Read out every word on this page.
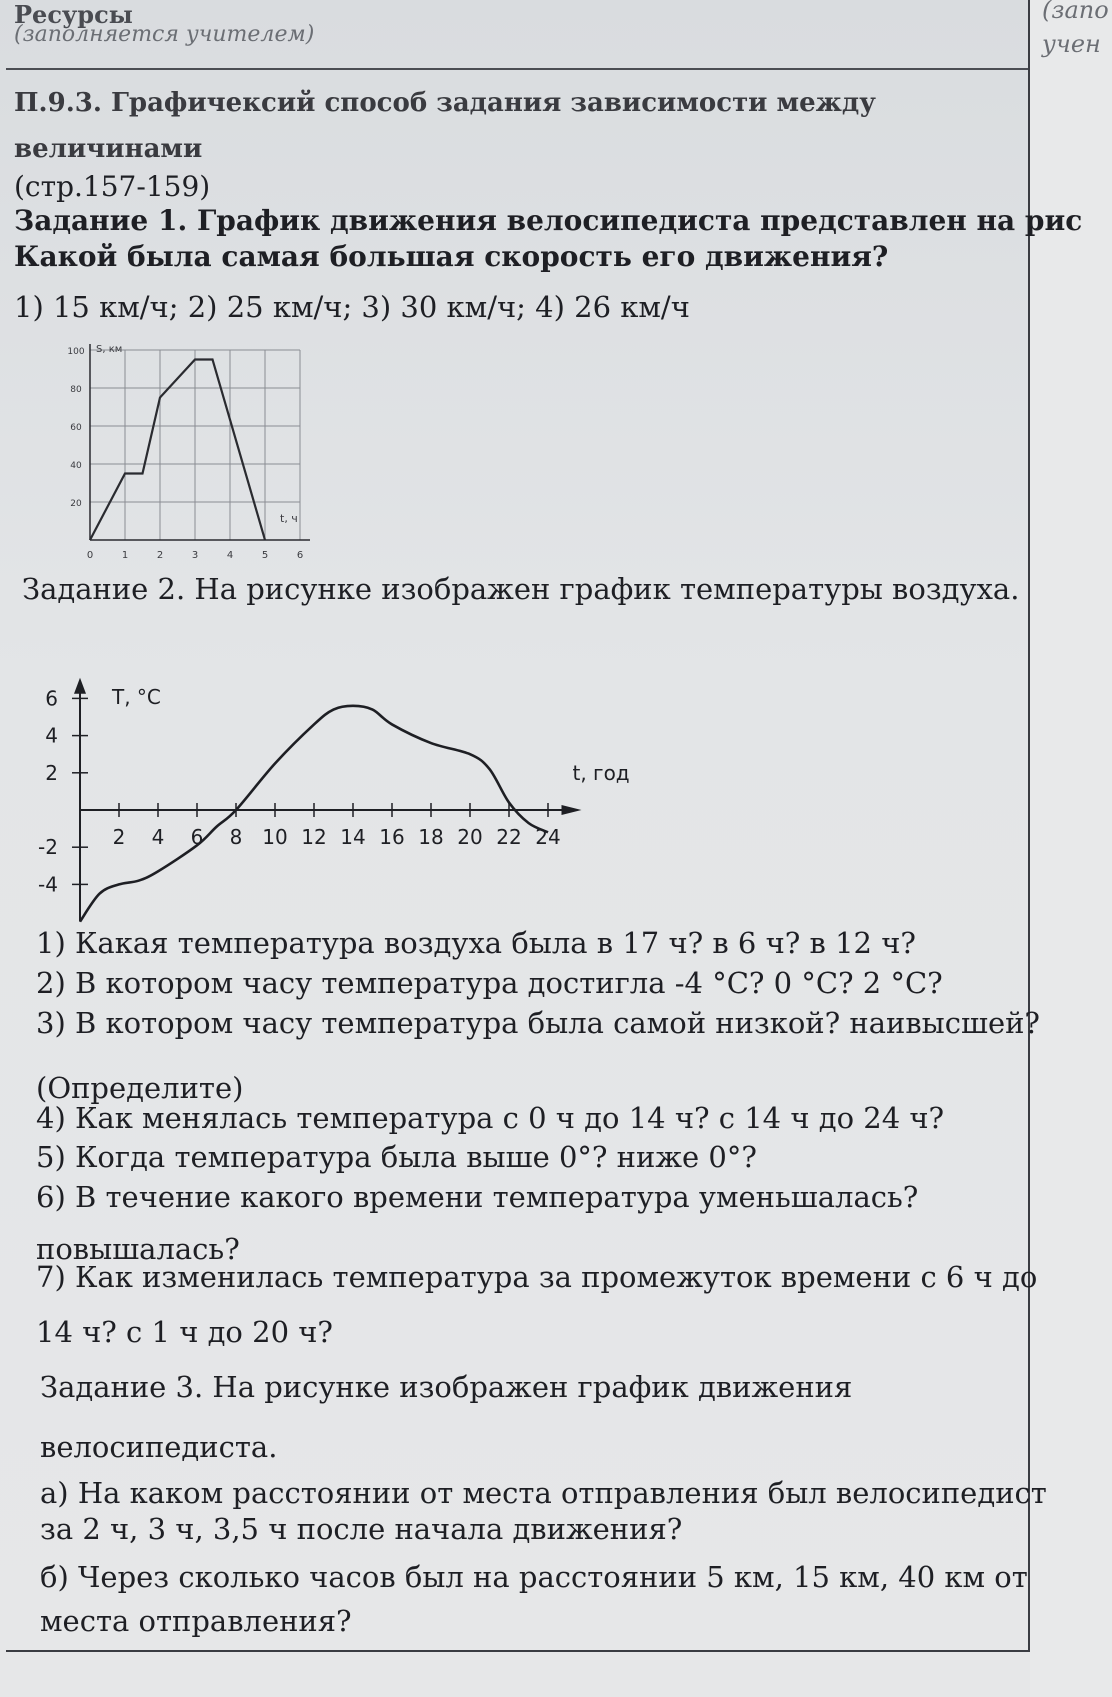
(запо
учен
Ресурсы
(заполняется учителем)
П.9.3. Графичексий способ задания зависимости между
величинами
(стр.157-159)
Задание 1. График движения велосипедиста представлен на рис
Какой была самая большая скорость его движения?
1) 15 км/ч; 2) 25 км/ч; 3) 30 км/ч; 4) 26 км/ч
0	1	2	3	4	5	6
20
40
60
80
100 S, км
t, ч
Задание 2. На рисунке изображен график температуры воздуха.
2 4 6 8 10 12 14 16 18 20 22 24
6
4
2
-2
-4
T, °C
t, год
1) Какая температура воздуха была в 17 ч? в 6 ч? в 12 ч?
2) В котором часу температура достигла -4 °С? 0 °С? 2 °С?
3) В котором часу температура была самой низкой? наивысшей?
(Определите)
4) Как менялась температура с 0 ч до 14 ч? с 14 ч до 24 ч?
5) Когда температура была выше 0°? ниже 0°?
6) В течение какого времени температура уменьшалась?
повышалась?
7) Как изменилась температура за промежуток времени с 6 ч до
14 ч? с 1 ч до 20 ч?
Задание 3. На рисунке изображен график движения
велосипедиста.
а) На каком расстоянии от места отправления был велосипедист
за 2 ч, 3 ч, 3,5 ч после начала движения?
б) Через сколько часов был на расстоянии 5 км, 15 км, 40 км от
места отправления?
